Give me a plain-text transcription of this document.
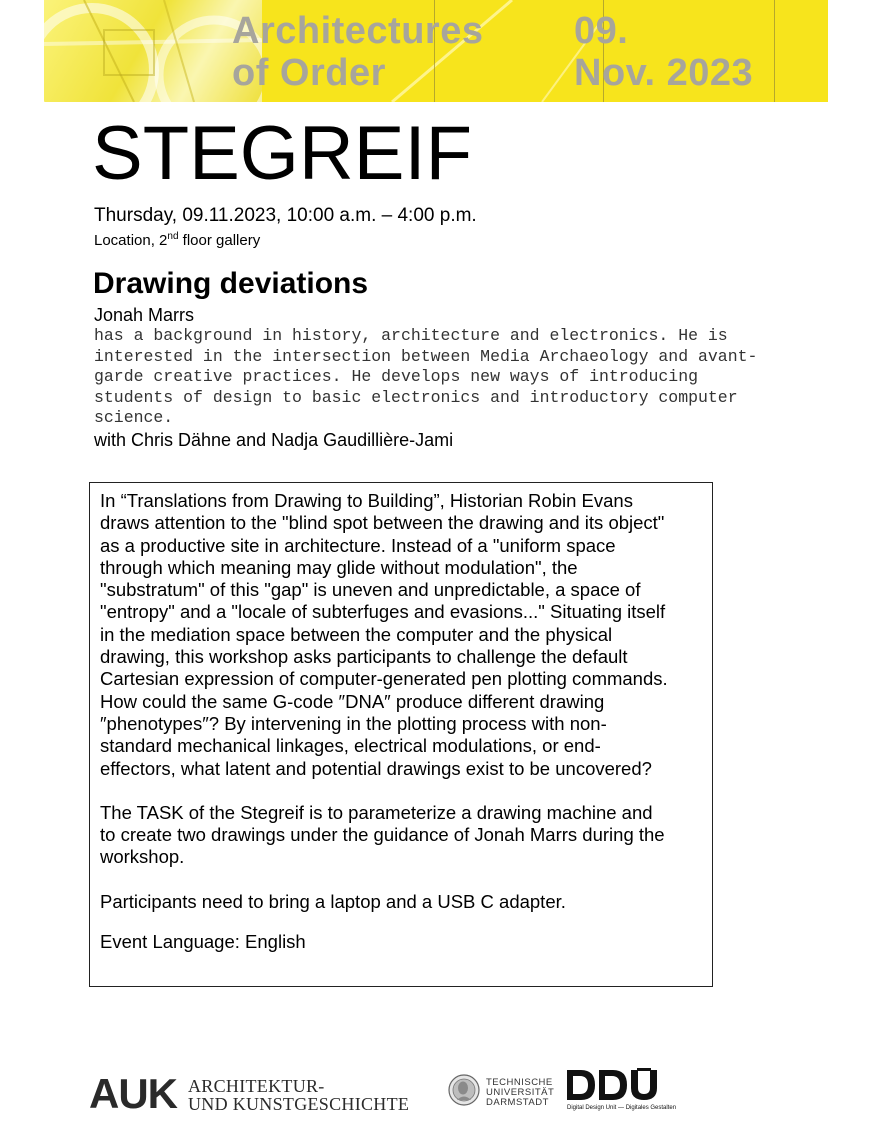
Architectures
of Order
09.
Nov. 2023
STEGREIF
Thursday, 09.11.2023, 10:00 a.m. – 4:00 p.m.
Location, 2nd floor gallery
Drawing deviations
Jonah Marrs
has a background in history, architecture and electronics. He is
interested in the intersection between Media Archaeology and avant-
garde creative practices. He develops new ways of introducing
students of design to basic electronics and introductory computer
science.
with Chris Dähne and Nadja Gaudillière-Jami

In “Translations from Drawing to Building”, Historian Robin Evans
draws attention to the "blind spot between the drawing and its object"
as a productive site in architecture. Instead of a "uniform space
through which meaning may glide without modulation", the
"substratum" of this "gap" is uneven and unpredictable, a space of
"entropy" and a "locale of subterfuges and evasions..." Situating itself
in the mediation space between the computer and the physical
drawing, this workshop asks participants to challenge the default
Cartesian expression of computer-generated pen plotting commands.
How could the same G-code ″DNA″ produce different drawing
″phenotypes″? By intervening in the plotting process with non-
standard mechanical linkages, electrical modulations, or end-
effectors, what latent and potential drawings exist to be uncovered?

The TASK of the Stegreif is to parameterize a drawing machine and
to create two drawings under the guidance of Jonah Marrs during the
workshop.

Participants need to bring a laptop and a USB C adapter.

Event Language: English

AUK ARCHITEKTUR-
UND KUNSTGESCHICHTE
TECHNISCHE
UNIVERSITÄT
DARMSTADT	Digital Design Unit — Digitales Gestalten
